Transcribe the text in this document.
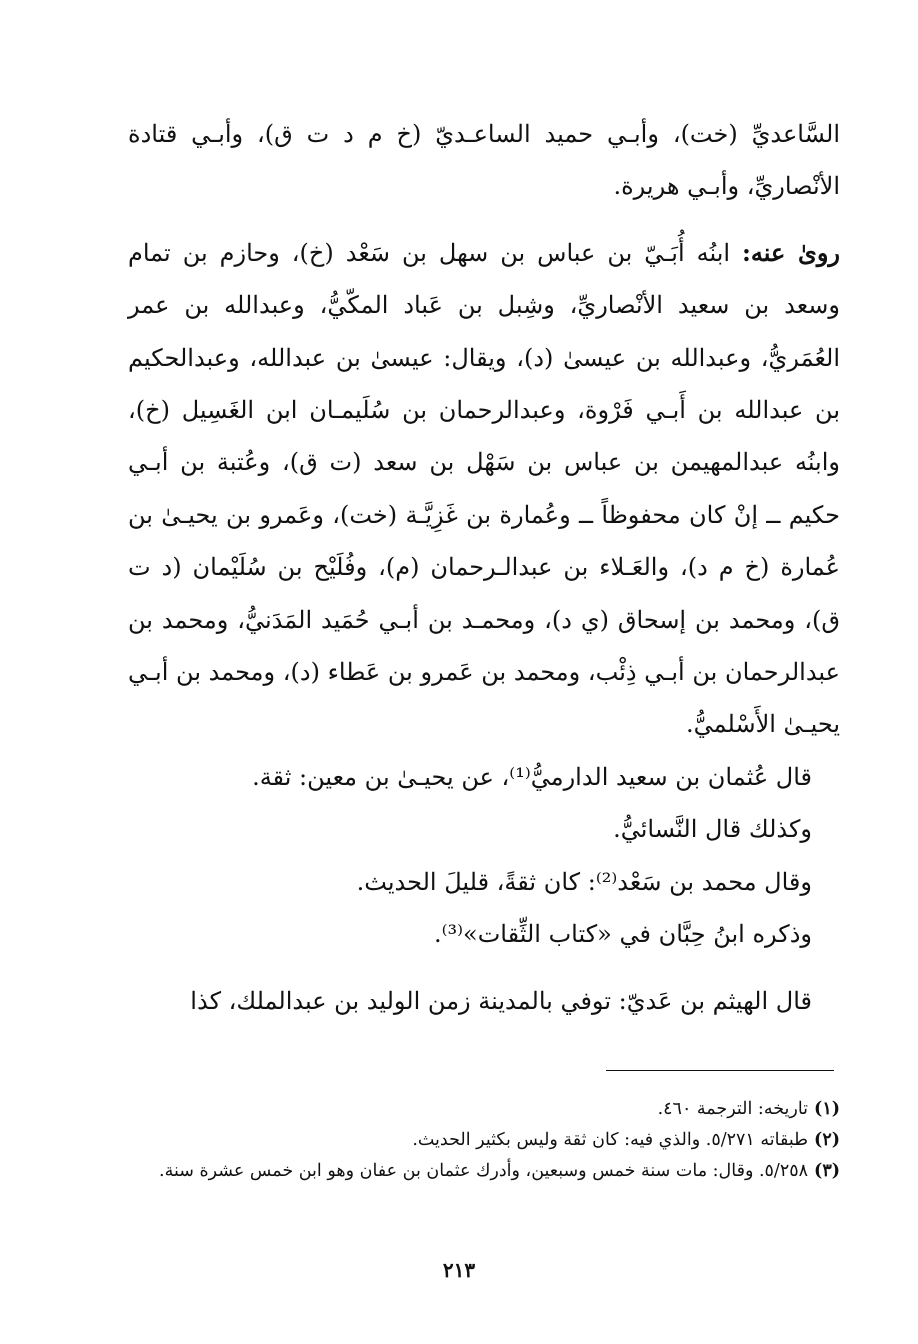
السَّاعديِّ (خت)، وأبـي حميد الساعـديّ (خ م د ت ق)، وأبـي قتادة الأنْصاريِّ، وأبـي هريرة.

روىٰ عنه: ابنُه أُبَـيّ بن عباس بن سهل بن سَعْد (خ)، وحازم بن تمام وسعد بن سعيد الأنْصاريِّ، وشِبل بن عَباد المكّيُّ، وعبدالله بن عمر العُمَريُّ، وعبدالله بن عيسىٰ (د)، ويقال: عيسىٰ بن عبدالله، وعبدالحكيم بن عبدالله بن أَبـي فَرْوة، وعبدالرحمان بن سُلَيمـان ابن الغَسِيل (خ)، وابنُه عبدالمهيمن بن عباس بن سَهْل بن سعد (ت ق)، وعُتبة بن أبـي حكيم ــ إنْ كان محفوظاً ــ وعُمارة بن غَزِيَّـة (خت)، وعَمرو بن يحيـىٰ بن عُمارة (خ م د)، والعَـلاء بن عبدالـرحمان (م)، وفُلَيْح بن سُلَيْمان (د ت ق)، ومحمد بن إسحاق (ي د)، ومحمـد بن أبـي حُمَيد المَدَنيُّ، ومحمد بن عبدالرحمان بن أبـي ذِئْب، ومحمد بن عَمرو بن عَطاء (د)، ومحمد بن أبـي يحيـىٰ الأَسْلميُّ.

قال عُثمان بن سعيد الدارميُّ⁽¹⁾، عن يحيـىٰ بن معين: ثقة.

وكذلك قال النَّسائيُّ.

وقال محمد بن سَعْد⁽²⁾: كان ثقةً، قليلَ الحديث.

وذكره ابنُ حِبَّان في «كتاب الثِّقات»⁽³⁾.

قال الهيثم بن عَديّ: توفي بالمدينة زمن الوليد بن عبدالملك، كذا

(١)تاريخه: الترجمة ٤٦٠.

(٢)طبقاته ٥/٢٧١. والذي فيه: كان ثقة وليس بكثير الحديث.

(٣)٥/٢٥٨. وقال: مات سنة خمس وسبعين، وأدرك عثمان بن عفان وهو ابن خمس عشرة سنة.

٢١٣
